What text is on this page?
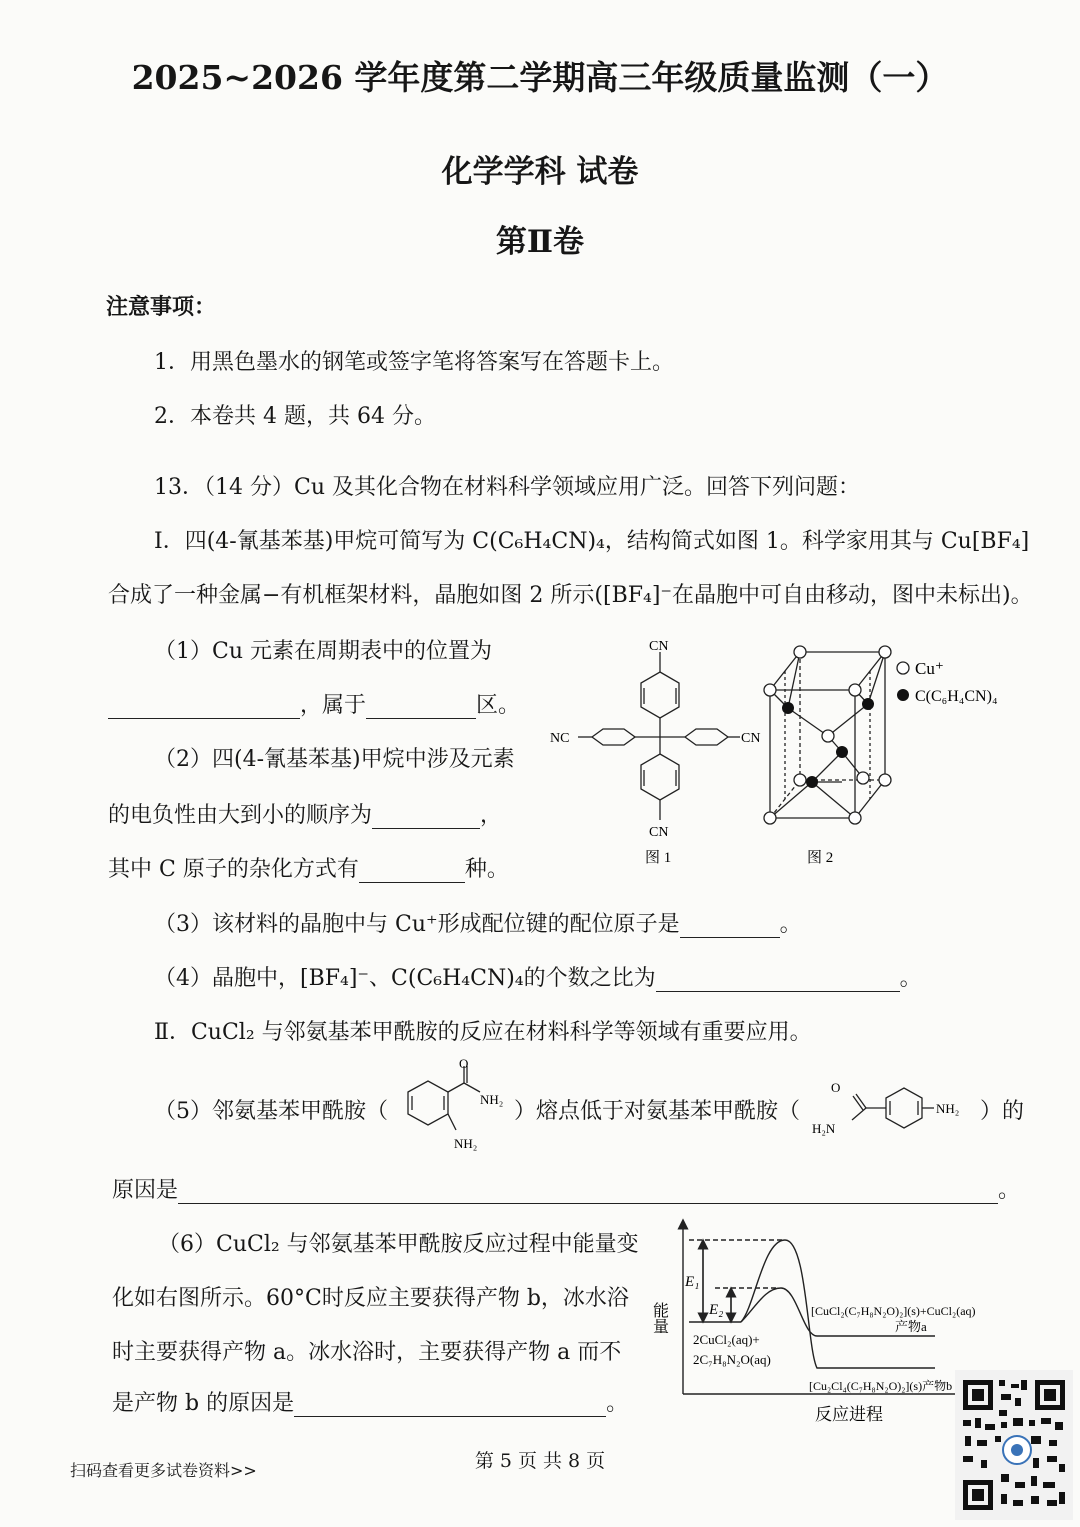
2025~2026 学年度第二学期高三年级质量监测（一）
化学学科 试卷
第Ⅱ卷
注意事项：
1．用黑色墨水的钢笔或签字笔将答案写在答题卡上。
2．本卷共 4 题，共 64 分。
13．（14 分）Cu 及其化合物在材料科学领域应用广泛。回答下列问题：
Ⅰ．四(4-氰基苯基)甲烷可简写为 C(C₆H₄CN)₄，结构简式如图 1。科学家用其与 Cu[BF₄]
合成了一种金属−有机框架材料，晶胞如图 2 所示([BF₄]⁻在晶胞中可自由移动，图中未标出)。
（1）Cu 元素在周期表中的位置为
，属于	区。
（2）四(4-氰基苯基)甲烷中涉及元素
的电负性由大到小的顺序为	，
其中 C 原子的杂化方式有	种。
CN
CN
NC	CN
图 1
Cu⁺
C(C₆H₄CN)₄
图 2
（3）该材料的晶胞中与 Cu⁺形成配位键的配位原子是	。
（4）晶胞中，[BF₄]⁻、C(C₆H₄CN)₄的个数之比为	。
Ⅱ．CuCl₂ 与邻氨基苯甲酰胺的反应在材料科学等领域有重要应用。
（5）邻氨基苯甲酰胺（
O
NH₂
NH₂
）熔点低于对氨基苯甲酰胺（
O
H₂N
NH₂ ）的
原因是	。
（6）CuCl₂ 与邻氨基苯甲酰胺反应过程中能量变
化如右图所示。60°C时反应主要获得产物 b，冰水浴
时主要获得产物 a。冰水浴时，主要获得产物 a 而不
是产物 b 的原因是	。
E₁
E₂
能量
2CuCl₂(aq)+
2C₇H₈N₂O(aq)
[CuCl₂(C₇H₈N₂O)₂](s)+CuCl₂(aq)
产物a
[Cu₂Cl₄(C₇H₈N₂O)₂](s)产物b
反应进程
第 5 页 共 8 页
扫码查看更多试卷资料>>
